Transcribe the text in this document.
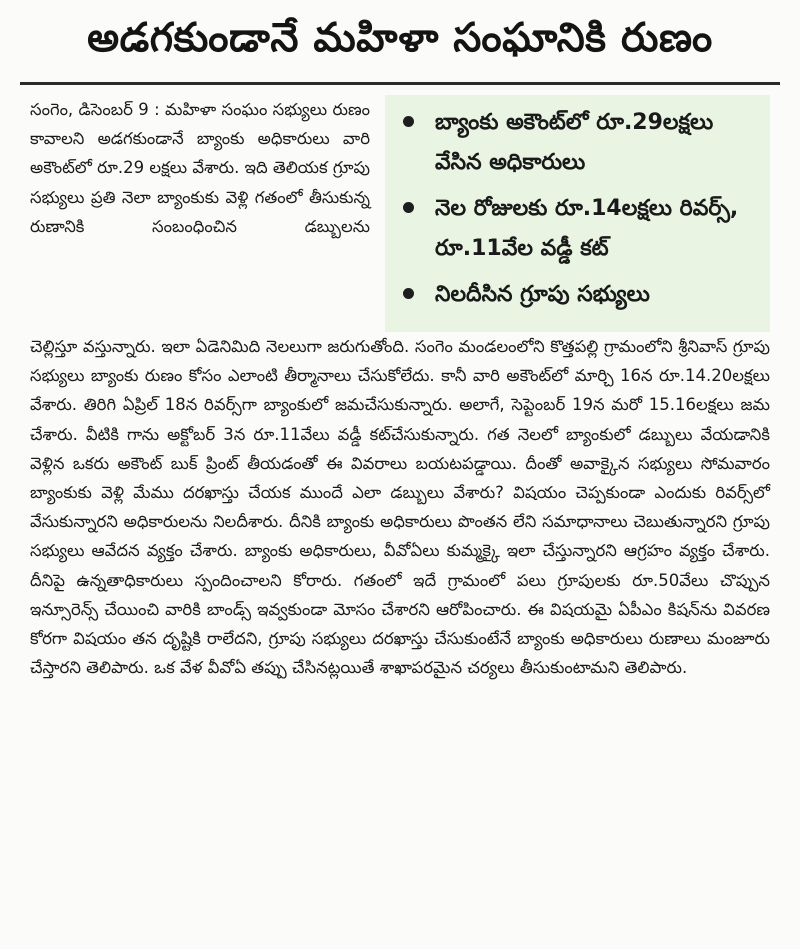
అడగకుండానే మహిళా సంఘానికి రుణం
బ్యాంకు అకౌంట్‌లో రూ.29లక్షలు వేసిన అధికారులు
నెల రోజులకు రూ.14లక్షలు రివర్స్, రూ.11వేల వడ్డీ కట్
నిలదీసిన గ్రూపు సభ్యులు

సంగెం, డిసెంబర్ 9 : మహిళా సంఘం సభ్యులు రుణం కావాలని అడగకుండానే బ్యాంకు అధికారులు వారి అకౌంట్‌లో రూ.29 లక్షలు వేశారు. ఇది తెలియక గ్రూపు సభ్యులు ప్రతి నెలా బ్యాంకుకు వెళ్లి గతంలో తీసుకున్న రుణానికి సంబంధించిన డబ్బులను

చెల్లిస్తూ వస్తున్నారు. ఇలా ఏడెనిమిది నెలలుగా జరుగుతోంది. సంగెం మండలంలోని కొత్తపల్లి గ్రామంలోని శ్రీనివాస్ గ్రూపు సభ్యులు బ్యాంకు రుణం కోసం ఎలాంటి తీర్మానాలు చేసుకోలేదు. కానీ వారి అకౌంట్‌లో మార్చి 16న రూ.14.20లక్షలు వేశారు. తిరిగి ఏప్రిల్ 18న రివర్స్‌గా బ్యాంకులో జమచేసుకున్నారు. అలాగే, సెప్టెంబర్ 19న మరో 15.16లక్షలు జమ చేశారు. వీటికి గాను అక్టోబర్ 3న రూ.11వేలు వడ్డీ కట్‌చేసుకున్నారు. గత నెలలో బ్యాంకులో డబ్బులు వేయడానికి వెళ్లిన ఒకరు అకౌంట్ బుక్ ప్రింట్ తీయడంతో ఈ వివరాలు బయటపడ్డాయి. దీంతో అవాక్కైన సభ్యులు సోమవారం బ్యాంకుకు వెళ్లి మేము దరఖాస్తు చేయక ముందే ఎలా డబ్బులు వేశారు? విషయం చెప్పకుండా ఎందుకు రివర్స్‌లో వేసుకున్నారని అధికారులను నిలదీశారు. దీనికి బ్యాంకు అధికారులు పొంతన లేని సమాధానాలు చెబుతున్నారని గ్రూపు సభ్యులు ఆవేదన వ్యక్తం చేశారు. బ్యాంకు అధికారులు, వీవోఏలు కుమ్మక్కై ఇలా చేస్తున్నారని ఆగ్రహం వ్యక్తం చేశారు. దీనిపై ఉన్నతాధికారులు స్పందించాలని కోరారు. గతంలో ఇదే గ్రామంలో పలు గ్రూపులకు రూ.50వేలు చొప్పున ఇన్సూరెన్స్ చేయించి వారికి బాండ్స్ ఇవ్వకుండా మోసం చేశారని ఆరోపించారు. ఈ విషయమై ఏపీఎం కిషన్‌ను వివరణ కోరగా విషయం తన దృష్టికి రాలేదని, గ్రూపు సభ్యులు దరఖాస్తు చేసుకుంటేనే బ్యాంకు అధికారులు రుణాలు మంజూరు చేస్తారని తెలిపారు. ఒక వేళ వీవోఏ తప్పు చేసినట్లయితే శాఖాపరమైన చర్యలు తీసుకుంటామని తెలిపారు.
